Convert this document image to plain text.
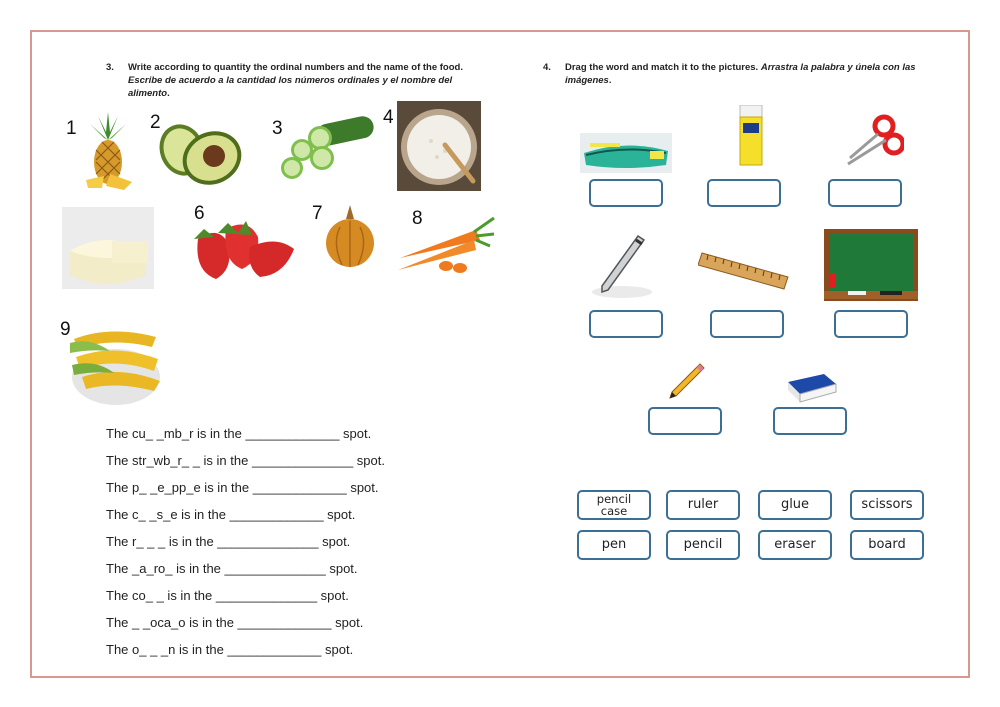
3. Write according to quantity the ordinal numbers and the name of the food. Escribe de acuerdo a la cantidad los números ordinales y el nombre del alimento.
1	2	3
4
6	7	8
9
The cu_ _mb_r is in the _____________ spot.
The str_wb_r_ _ is in the ______________ spot.
The p_ _e_pp_e is in the _____________ spot.
The c_ _s_e is in the _____________ spot.
The r_ _ _ is in the ______________ spot.
The _a_ro_ is in the ______________ spot.
The co_ _ is in the ______________ spot.
The _ _oca_o is in the _____________ spot.
The o_ _ _n is in the _____________ spot.
4. Drag the word and match it to the pictures. Arrastra la palabra y únela con las imágenes.
pencil
case	ruler	glue	scissors
pen	pencil	eraser	board
